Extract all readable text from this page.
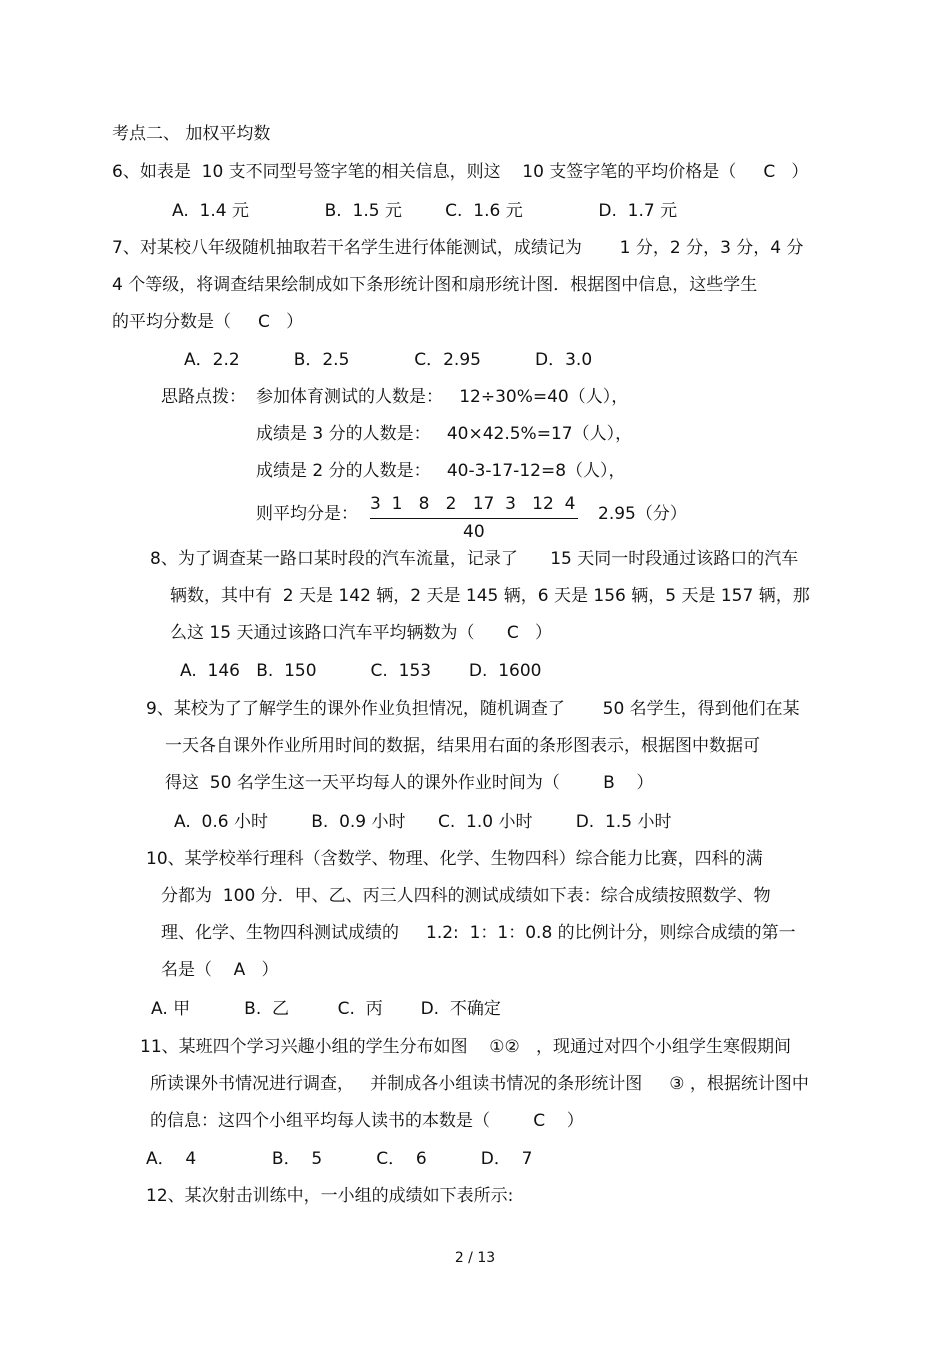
考点二、 加权平均数
6、如表是  10 支不同型号签字笔的相关信息，则这    10 支签字笔的平均价格是（     C   ）
A.  1.4 元              B.  1.5 元        C.  1.6 元              D.  1.7 元
7、对某校八年级随机抽取若干名学生进行体能测试，成绩记为       1 分，2 分，3 分，4 分
4 个等级，将调查结果绘制成如下条形统计图和扇形统计图．根据图中信息，这些学生
的平均分数是（     C   ）
A．2.2          B．2.5            C．2.95          D．3.0
思路点拨： 参加体育测试的人数是：   12÷30%=40（人），
成绩是 3 分的人数是：   40×42.5%=17（人），
成绩是 2 分的人数是：   40-3-17-12=8（人），
则平均分是： 3  1   8   2   17  3   12  4
40
2.95（分）
8、为了调查某一路口某时段的汽车流量，记录了      15 天同一时段通过该路口的汽车
辆数，其中有  2 天是 142 辆，2 天是 145 辆，6 天是 156 辆，5 天是 157 辆，那
么这 15 天通过该路口汽车平均辆数为（      C   ）
A.  146   B.  150          C.  153       D.  1600
9、某校为了了解学生的课外作业负担情况，随机调查了       50 名学生，得到他们在某
一天各自课外作业所用时间的数据，结果用右面的条形图表示，根据图中数据可
得这  50 名学生这一天平均每人的课外作业时间为（        B    ）
A.  0.6 小时        B.  0.9 小时      C.  1.0 小时        D.  1.5 小时
10、某学校举行理科（含数学、物理、化学、生物四科）综合能力比赛，四科的满
分都为  100 分．甲、乙、丙三人四科的测试成绩如下表：综合成绩按照数学、物
理、化学、生物四科测试成绩的     1.2:  1：1：0.8 的比例计分，则综合成绩的第一
名是（    A   ）
A. 甲          B.  乙         C.  丙       D.  不确定
11、某班四个学习兴趣小组的学生分布如图    ①②   ，现通过对四个小组学生寒假期间
所读课外书情况进行调查，   并制成各小组读书情况的条形统计图     ③ ，根据统计图中
的信息：这四个小组平均每人读书的本数是（        C    ）
A．  4              B．  5          C．  6          D．  7
12、某次射击训练中，一小组的成绩如下表所示:
2 / 13
